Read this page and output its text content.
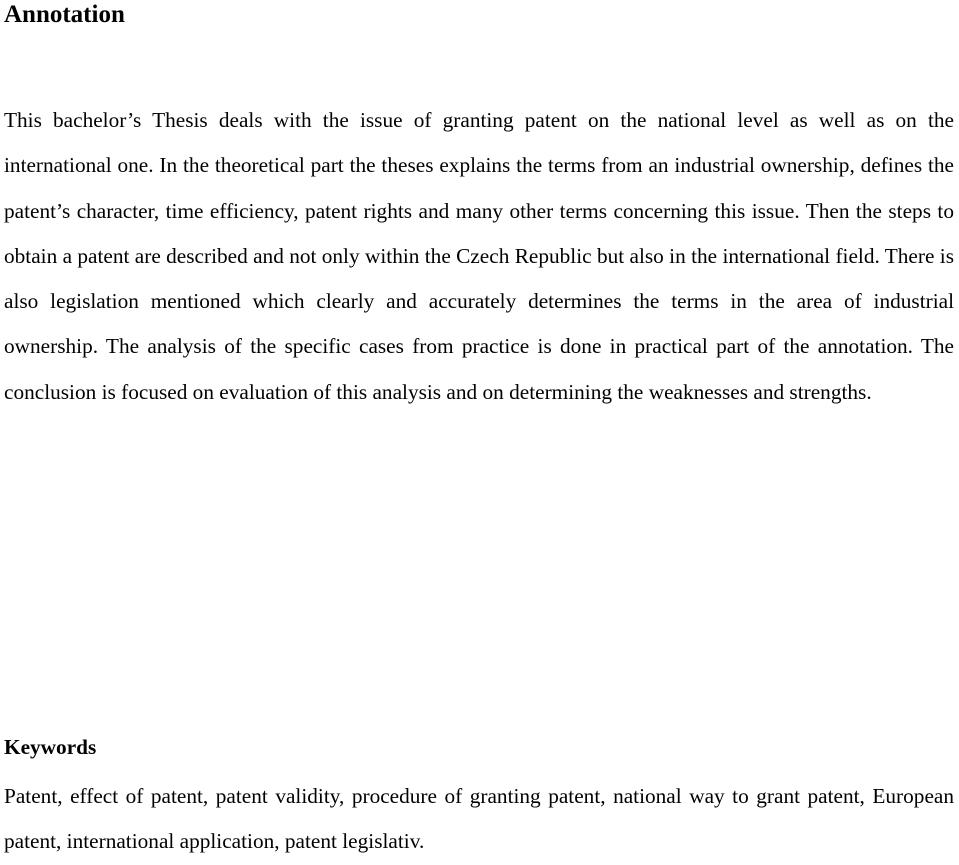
Annotation

This bachelor’s Thesis deals with the issue of granting patent on the national level as well as on the international one. In the theoretical part the theses explains the terms from an industrial ownership, defines the patent’s character, time efficiency, patent rights and many other terms concerning this issue. Then the steps to obtain a patent are described and not only within the Czech Republic but also in the international field. There is also legislation mentioned which clearly and accurately determines the terms in the area of industrial ownership. The analysis of the specific cases from practice is done in practical part of the annotation. The conclusion is focused on evaluation of this analysis and on determining the weaknesses and strengths.

Keywords

Patent, effect of patent, patent validity, procedure of granting patent, national way to grant patent, European patent, international application, patent legislativ.
